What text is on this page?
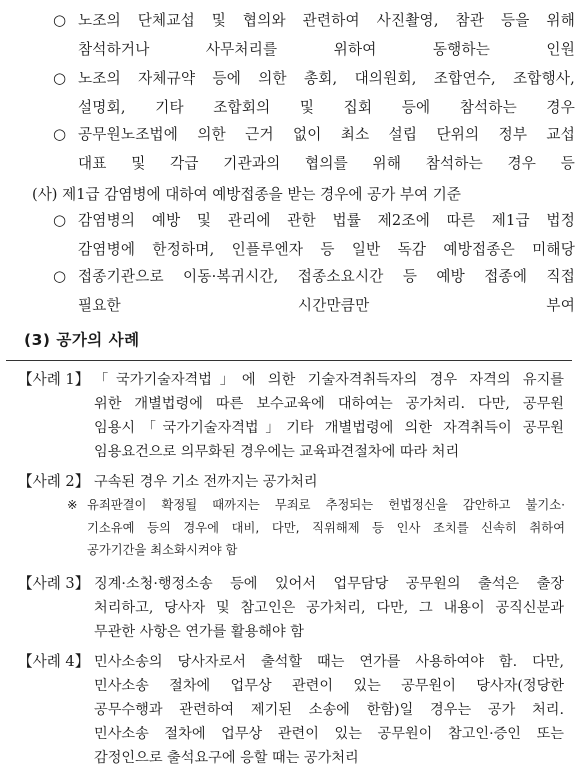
○ 노조의 단체교섭 및 협의와 관련하여 사진촬영, 참관 등을 위해
참석하거나 사무처리를 위하여 동행하는 인원
○ 노조의 자체규약 등에 의한 총회, 대의원회, 조합연수, 조합행사,
설명회, 기타 조합회의 및 집회 등에 참석하는 경우
○ 공무원노조법에 의한 근거 없이 최소 설립 단위의 정부 교섭
대표 및 각급 기관과의 협의를 위해 참석하는 경우 등
(사) 제1급 감염병에 대하여 예방접종을 받는 경우에 공가 부여 기준
○ 감염병의 예방 및 관리에 관한 법률 제2조에 따른 제1급 법정
감염병에 한정하며, 인플루엔자 등 일반 독감 예방접종은 미해당
○ 접종기관으로 이동·복귀시간, 접종소요시간 등 예방 접종에 직접
필요한 시간만큼만 부여
(3) 공가의 사례
【사례 1】 「국가기술자격법」에 의한 기술자격취득자의 경우 자격의 유지를
위한 개별법령에 따른 보수교육에 대하여는 공가처리. 다만, 공무원
임용시「국가기술자격법」기타 개별법령에 의한 자격취득이 공무원
임용요건으로 의무화된 경우에는 교육파견절차에 따라 처리
【사례 2】 구속된 경우 기소 전까지는 공가처리
※ 유죄판결이 확정될 때까지는 무죄로 추정되는 헌법정신을 감안하고 불기소·
기소유예 등의 경우에 대비, 다만, 직위해제 등 인사 조치를 신속히 취하여
공가기간을 최소화시켜야 함
【사례 3】 징계·소청·행정소송 등에 있어서 업무담당 공무원의 출석은 출장
처리하고, 당사자 및 참고인은 공가처리, 다만, 그 내용이 공직신분과
무관한 사항은 연가를 활용해야 함
【사례 4】 민사소송의 당사자로서 출석할 때는 연가를 사용하여야 함. 다만,
민사소송 절차에 업무상 관련이 있는 공무원이 당사자(정당한
공무수행과 관련하여 제기된 소송에 한함)일 경우는 공가 처리.
민사소송 절차에 업무상 관련이 있는 공무원이 참고인·증인 또는
감정인으로 출석요구에 응할 때는 공가처리
